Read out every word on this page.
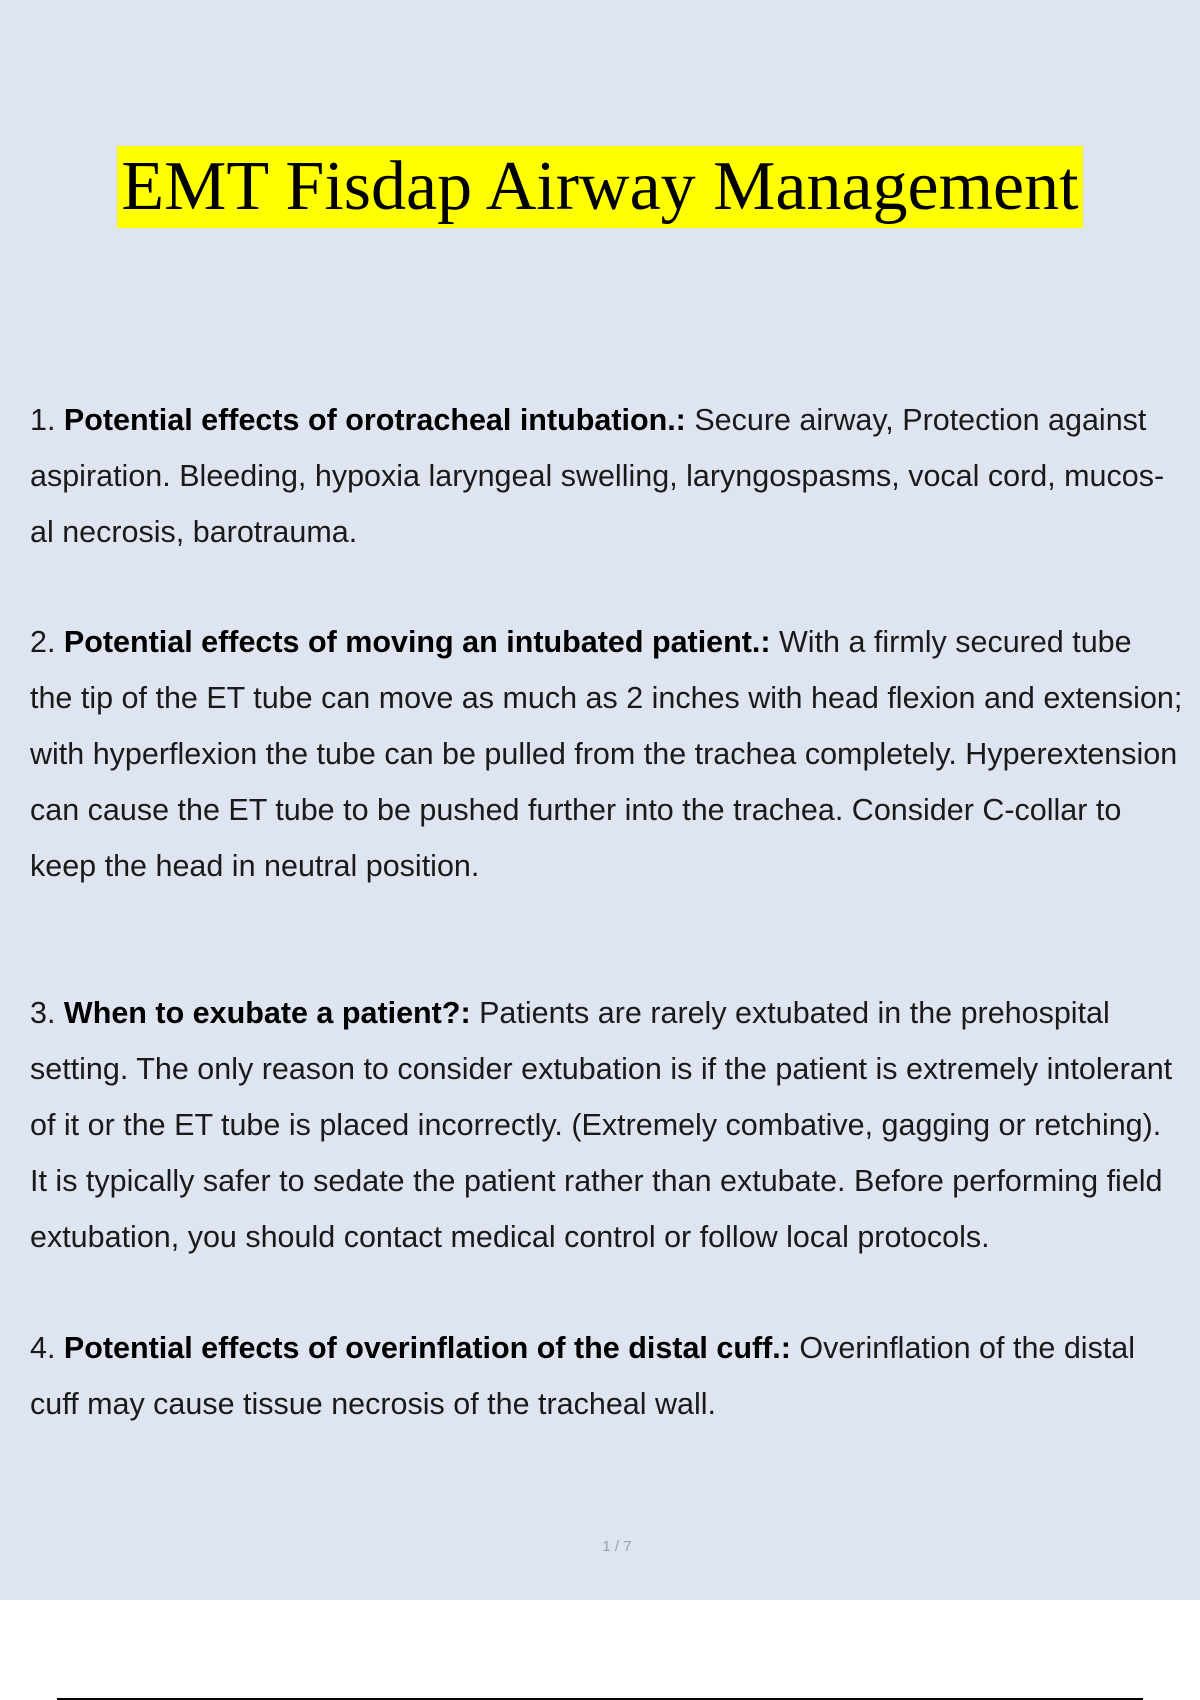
EMT Fisdap Airway Management

1. Potential effects of orotracheal intubation.: Secure airway, Protection against
aspiration. Bleeding, hypoxia laryngeal swelling, laryngospasms, vocal cord, mucos-
al necrosis, barotrauma.

2. Potential effects of moving an intubated patient.: With a firmly secured tube
the tip of the ET tube can move as much as 2 inches with head flexion and extension;
with hyperflexion the tube can be pulled from the trachea completely. Hyperextension
can cause the ET tube to be pushed further into the trachea. Consider C-collar to
keep the head in neutral position.

3. When to exubate a patient?: Patients are rarely extubated in the prehospital
setting. The only reason to consider extubation is if the patient is extremely intolerant
of it or the ET tube is placed incorrectly. (Extremely combative, gagging or retching).
It is typically safer to sedate the patient rather than extubate. Before performing field
extubation, you should contact medical control or follow local protocols.

4. Potential effects of overinflation of the distal cuff.: Overinflation of the distal
cuff may cause tissue necrosis of the tracheal wall.

1 / 7
